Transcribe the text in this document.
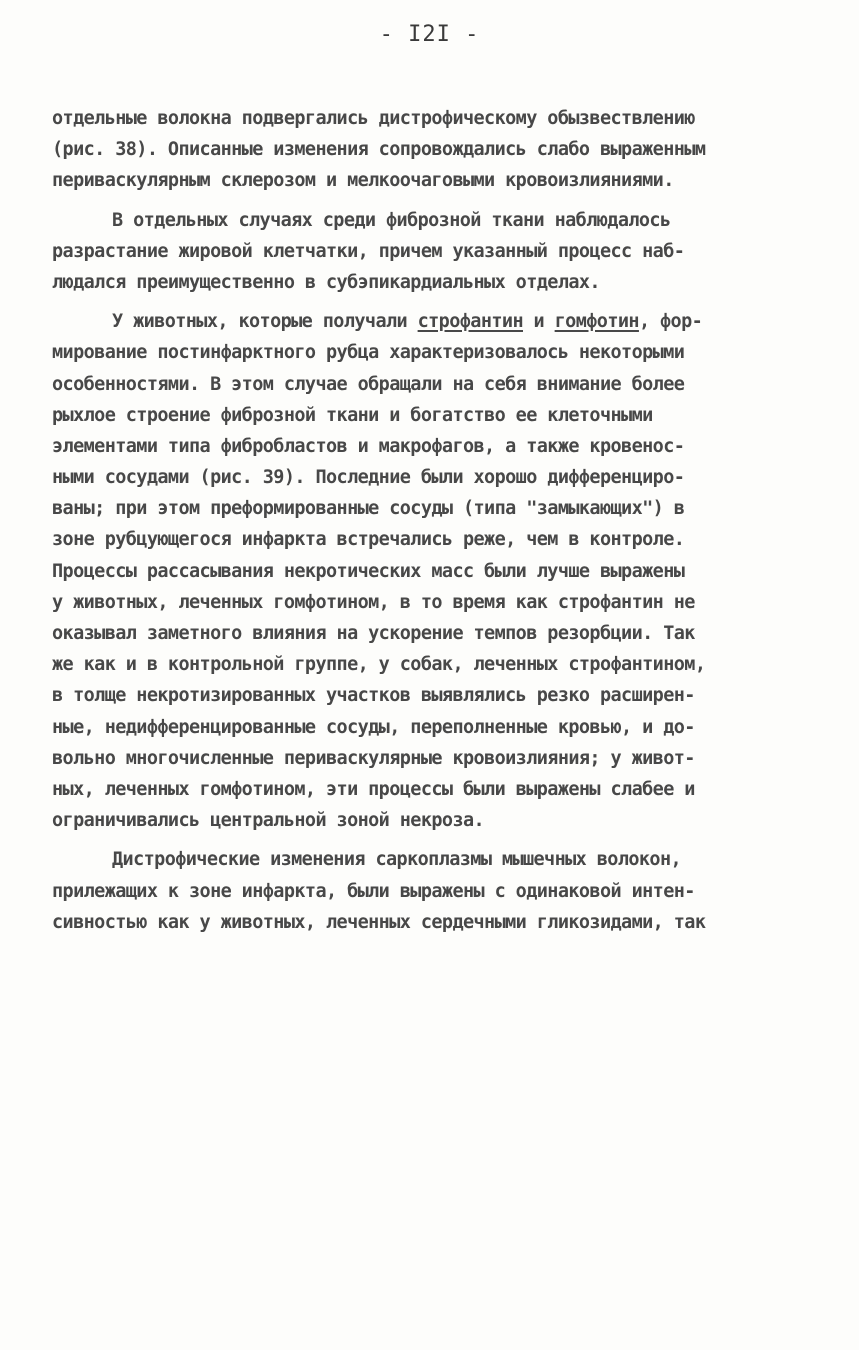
- I2I -
отдельные волокна подвергались дистрофическому обызвествлению
(рис. 38). Описанные изменения сопровождались слабо выраженным
периваскулярным склерозом и мелкоочаговыми кровоизлияниями.
В отдельных случаях среди фиброзной ткани наблюдалось
разрастание жировой клетчатки, причем указанный процесс наб-
людался преимущественно в субэпикардиальных отделах.
У животных, которые получали строфантин и гомфотин, фор-
мирование постинфарктного рубца характеризовалось некоторыми
особенностями. В этом случае обращали на себя внимание более
рыхлое строение фиброзной ткани и богатство ее клеточными
элементами типа фибробластов и макрофагов, а также кровенос-
ными сосудами (рис. 39). Последние были хорошо дифференциро-
ваны; при этом преформированные сосуды (типа "замыкающих") в
зоне рубцующегося инфаркта встречались реже, чем в контроле.
Процессы рассасывания некротических масс были лучше выражены
у животных, леченных гомфотином, в то время как строфантин не
оказывал заметного влияния на ускорение темпов резорбции. Так
же как и в контрольной группе, у собак, леченных строфантином,
в толще некротизированных участков выявлялись резко расширен-
ные, недифференцированные сосуды, переполненные кровью, и до-
вольно многочисленные периваскулярные кровоизлияния; у живот-
ных, леченных гомфотином, эти процессы были выражены слабее и
ограничивались центральной зоной некроза.
Дистрофические изменения саркоплазмы мышечных волокон,
прилежащих к зоне инфаркта, были выражены с одинаковой интен-
сивностью как у животных, леченных сердечными гликозидами, так
